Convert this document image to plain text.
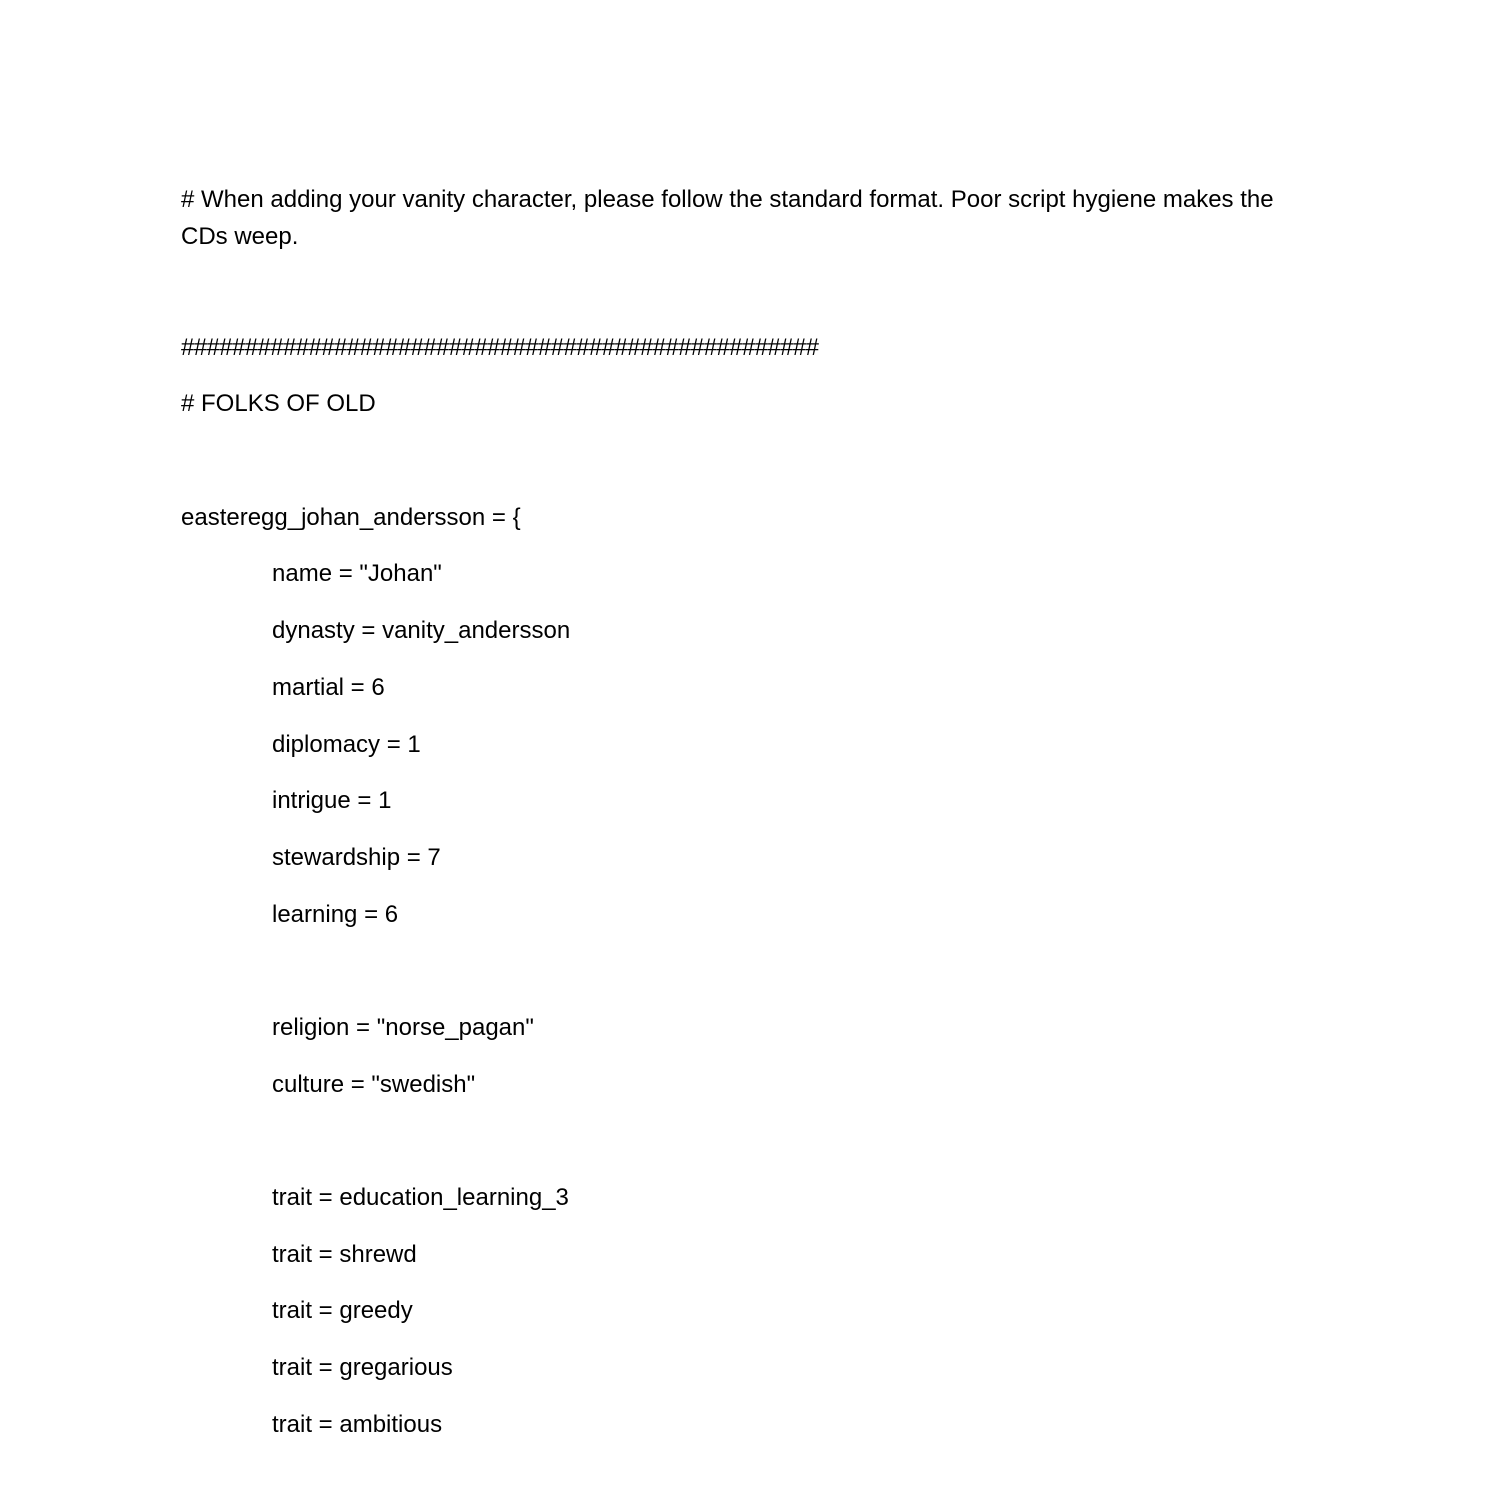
# When adding your vanity character, please follow the standard format. Poor script hygiene makes the CDs weep.
##################################################
# FOLKS OF OLD
easteregg_johan_andersson = {
name = "Johan"
dynasty = vanity_andersson
martial = 6
diplomacy = 1
intrigue = 1
stewardship = 7
learning = 6
religion = "norse_pagan"
culture = "swedish"
trait = education_learning_3
trait = shrewd
trait = greedy
trait = gregarious
trait = ambitious
